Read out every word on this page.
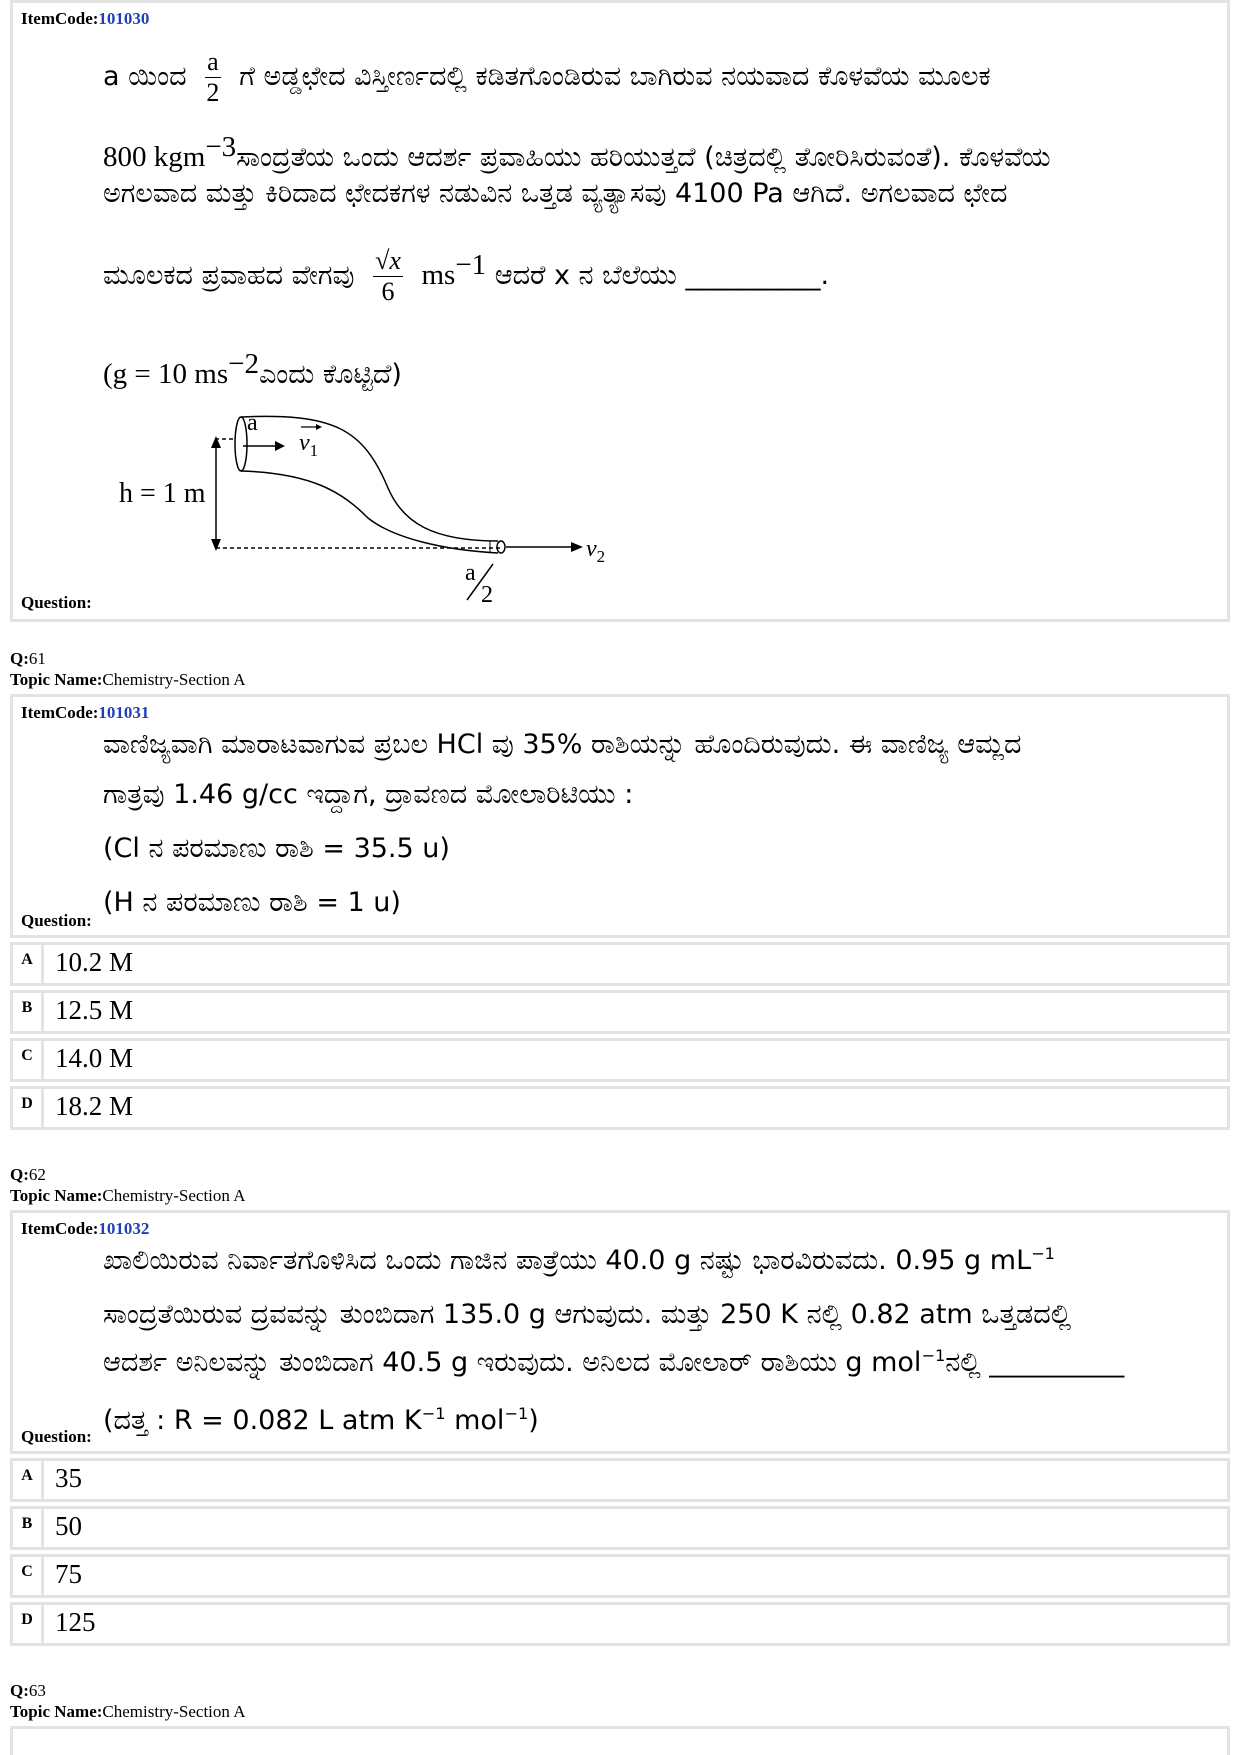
ItemCode:101030
a ಯಿಂದ $\frac{a}{2}$ ಗೆ ಅಡ್ಡಛೇದ ವಿಸ್ತೀರ್ಣದಲ್ಲಿ ಕಡಿತಗೊಂಡಿರುವ ಬಾಗಿರುವ ನಯವಾದ ಕೊಳವೆಯ ಮೂಲಕ
800 kgm$^{-3}$ಸಾಂದ್ರತೆಯ ಒಂದು ಆದರ್ಶ ಪ್ರವಾಹಿಯು ಹರಿಯುತ್ತದೆ (ಚಿತ್ರದಲ್ಲಿ ತೋರಿಸಿರುವಂತೆ). ಕೊಳವೆಯ
ಅಗಲವಾದ ಮತ್ತು ಕಿರಿದಾದ ಛೇದಕಗಳ ನಡುವಿನ ಒತ್ತಡ ವ್ಯತ್ಯಾಸವು 4100 Pa ಆಗಿದೆ. ಅಗಲವಾದ ಛೇದ
ಮೂಲಕದ ಪ್ರವಾಹದ ವೇಗವು $\frac{√x}{6} ms^{-1}$ ಆದರೆ x ನ ಬೆಲೆಯು __________.
(g = 10 $ms^{-2}ಎಂದು$ ಕೊಟ್ಟಿದೆ)
a
$v_1$
h = 1 m
$v_2$
a
2
Question:
Q:61
Topic Name:Chemistry-Section A
ItemCode:101031
ವಾಣಿಜ್ಯವಾಗಿ ಮಾರಾಟವಾಗುವ ಪ್ರಬಲ HCl ವು 35% ರಾಶಿಯನ್ನು ಹೊಂದಿರುವುದು. ಈ ವಾಣಿಜ್ಯ ಆಮ್ಲದ
ಗಾತ್ರವು 1.46 g/cc ಇದ್ದಾಗ, ದ್ರಾವಣದ ಮೋಲಾರಿಟಿಯು :
(Cl ನ ಪರಮಾಣು ರಾಶಿ = 35.5 u)
(H ನ ಪರಮಾಣು ರಾಶಿ = 1 u)
Question:
A 10.2 M
B 12.5 M
C 14.0 M
D 18.2 M
Q:62
Topic Name:Chemistry-Section A
ItemCode:101032
ಖಾಲಿಯಿರುವ ನಿರ್ವಾತಗೊಳಿಸಿದ ಒಂದು ಗಾಜಿನ ಪಾತ್ರೆಯು 40.0 g ನಷ್ಟು ಭಾರವಿರುವದು. 0.95 g $mL^{-1}$
ಸಾಂದ್ರತೆಯಿರುವ ದ್ರವವನ್ನು ತುಂಬಿದಾಗ 135.0 g ಆಗುವುದು. ಮತ್ತು 250 K ನಲ್ಲಿ 0.82 atm ಒತ್ತಡದಲ್ಲಿ
ಆದರ್ಶ ಅನಿಲವನ್ನು ತುಂಬಿದಾಗ 40.5 g ಇರುವುದು. ಅನಿಲದ ಮೋಲಾರ್ ರಾಶಿಯು g mol$^{-1}$ನಲ್ಲಿ __________
(ದತ್ತ : R = 0.082 L atm $K^{-1}$ mol$^{-1}$)
Question:
A 35
B 50
C 75
D 125
Q:63
Topic Name:Chemistry-Section A
